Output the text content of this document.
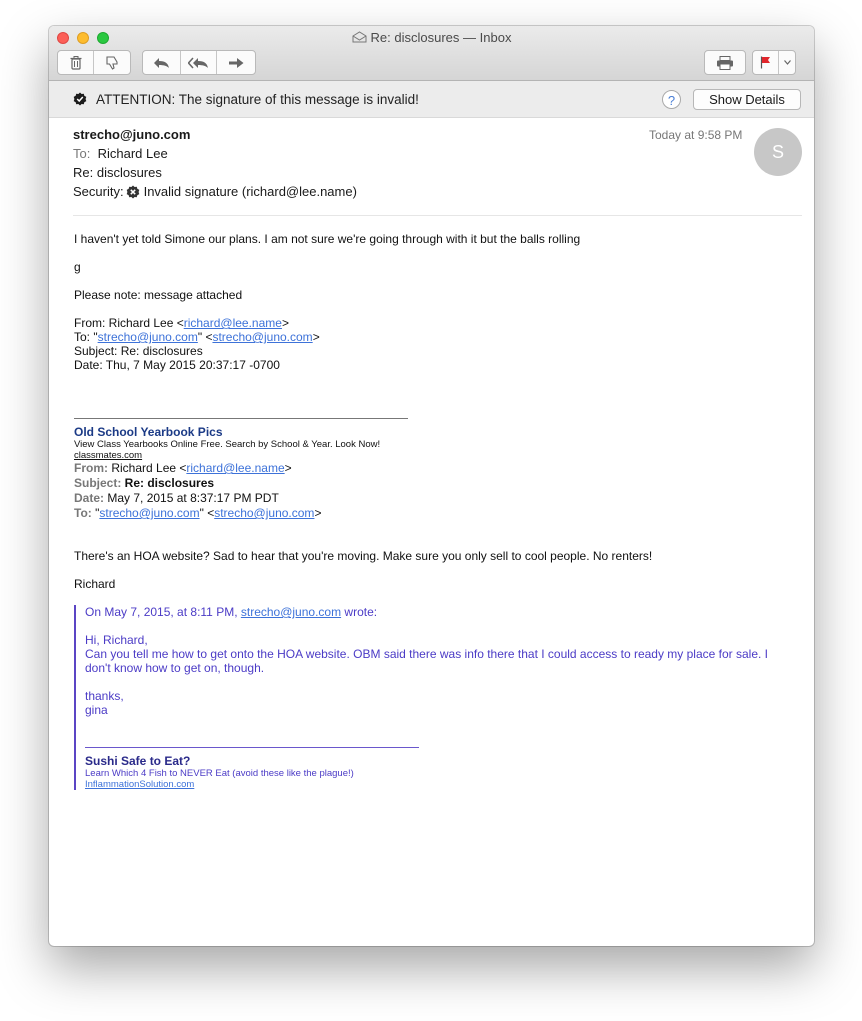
Re: disclosures — Inbox
ATTENTION: The signature of this message is invalid!	?	Show Details
strecho@juno.com
To: Richard Lee
Re: disclosures
Security: Invalid signature (richard@lee.name)
Today at 9:58 PM
S

I haven't yet told Simone our plans. I am not sure we're going through with it but the balls rolling

g

Please note: message attached

From: Richard Lee <richard@lee.name>

To: "strecho@juno.com" <strecho@juno.com>

Subject: Re: disclosures

Date: Thu, 7 May 2015 20:37:17 -0700

Old School Yearbook Pics
View Class Yearbooks Online Free. Search by School & Year. Look Now!
classmates.com
From: Richard Lee <richard@lee.name>
Subject: Re: disclosures
Date: May 7, 2015 at 8:37:17 PM PDT
To: "strecho@juno.com" <strecho@juno.com>

There's an HOA website? Sad to hear that you're moving. Make sure you only sell to cool people. No renters!

Richard

On May 7, 2015, at 8:11 PM, strecho@juno.com wrote:

Hi, Richard,

Can you tell me how to get onto the HOA website. OBM said there was info there that I could access to ready my place for sale. I don't know how to get on, though.

thanks,

gina

Sushi Safe to Eat?
Learn Which 4 Fish to NEVER Eat (avoid these like the plague!)
InflammationSolution.com
